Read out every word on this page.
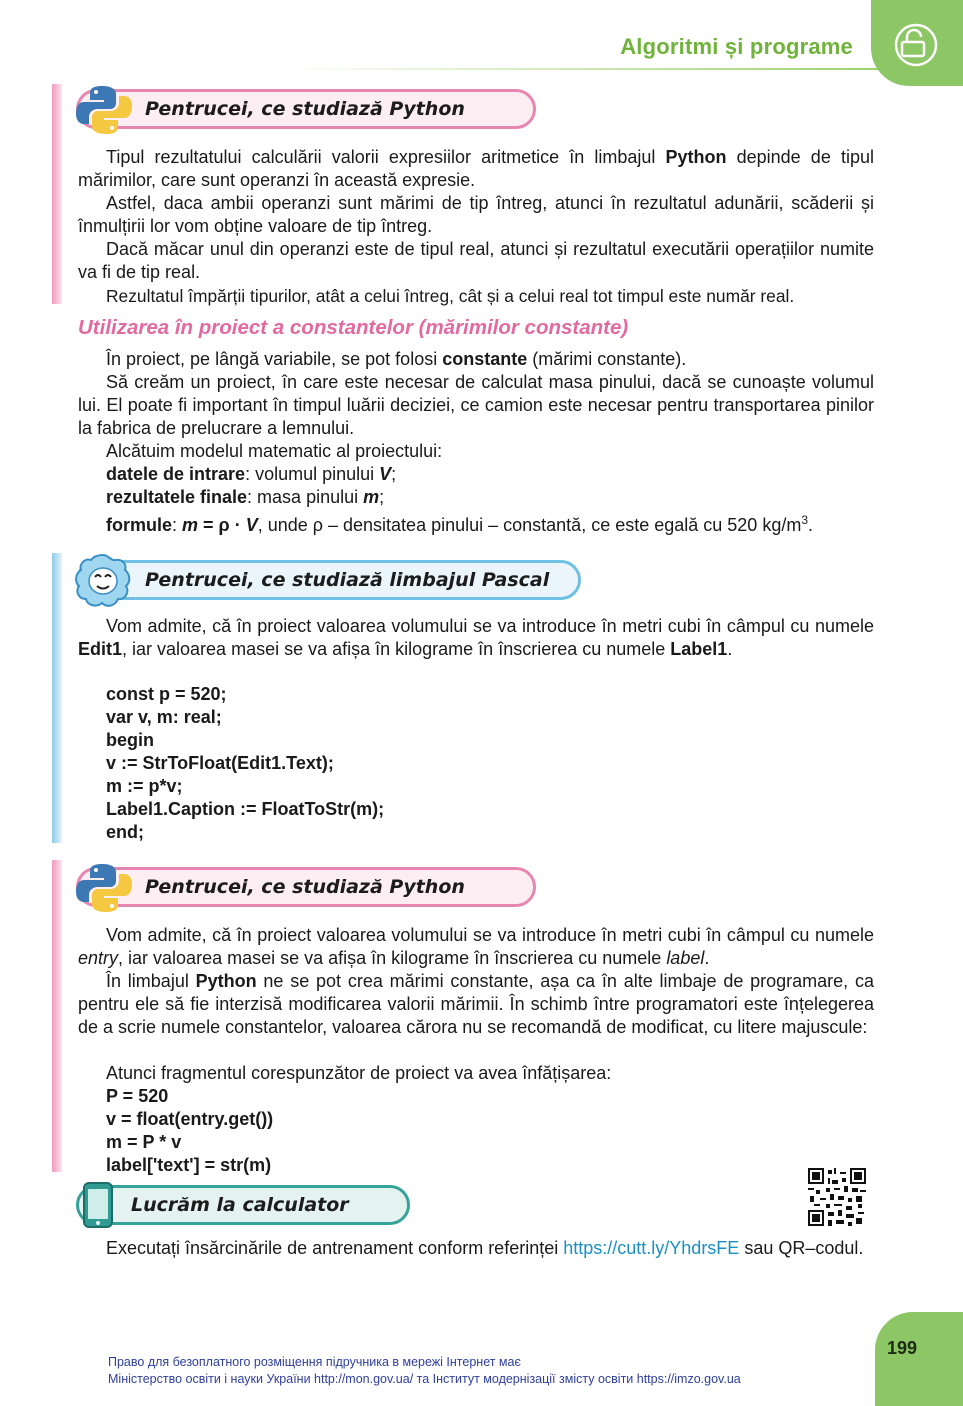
Algoritmi și programe
Pentrucei, ce studiază Python

Tipul rezultatului calculării valorii expresiilor aritmetice în limbajul Python depinde de tipul mărimilor, care sunt operanzi în această expresie.

Astfel, daca ambii operanzi sunt mărimi de tip întreg, atunci în rezultatul adunării, scăderii și înmulțirii lor vom obține valoare de tip întreg.

Dacă măcar unul din operanzi este de tipul real, atunci și rezultatul executării operațiilor numite va fi de tip real.

Rezultatul împărții tipurilor, atât a celui întreg, cât și a celui real tot timpul este număr real.

Utilizarea în proiect a constantelor (mărimilor constante)

În proiect, pe lângă variabile, se pot folosi constante (mărimi constante).

Să creăm un proiect, în care este necesar de calculat masa pinului, dacă se cunoaște volumul lui. El poate fi important în timpul luării deciziei, ce camion este necesar pentru transportarea pinilor la fabrica de prelucrare a lemnului.

Alcătuim modelul matematic al proiectului:

datele de intrare: volumul pinului V;

rezultatele finale: masa pinului m;

formule: m = ρ · V, unde ρ – densitatea pinului – constantă, ce este egală cu 520 $kg/m^3$.

Pentrucei, ce studiază limbajul Pascal

Vom admite, că în proiect valoarea volumului se va introduce în metri cubi în câmpul cu numele Edit1, iar valoarea masei se va afișa în kilograme în înscrierea cu numele Label1.

const p = 520;
var v, m: real;
begin
v := StrToFloat(Edit1.Text);
m := p*v;
Label1.Caption := FloatToStr(m);
end;
Pentrucei, ce studiază Python

Vom admite, că în proiect valoarea volumului se va introduce în metri cubi în câmpul cu numele entry, iar valoarea masei se va afișa în kilograme în înscrierea cu numele label.

În limbajul Python ne se pot crea mărimi constante, așa ca în alte limbaje de programare, ca pentru ele să fie interzisă modificarea valorii mărimii. În schimb între programatori este înțelegerea de a scrie numele constantelor, valoarea cărora nu se recomandă de modificat, cu litere majuscule:

Atunci fragmentul corespunzător de proiect va avea înfățișarea:

P = 520
v = float(entry.get())
m = P * v
label['text'] = str(m)
Lucrăm la calculator

Executați însărcinările de antrenament conform referinței https://cutt.ly/YhdrsFE sau QR–codul.

Право для безоплатного розміщення підручника в мережі Інтернет має
Міністерство освіти і науки України http://mon.gov.ua/ та Інститут модернізації змісту освіти https://imzo.gov.ua
199
